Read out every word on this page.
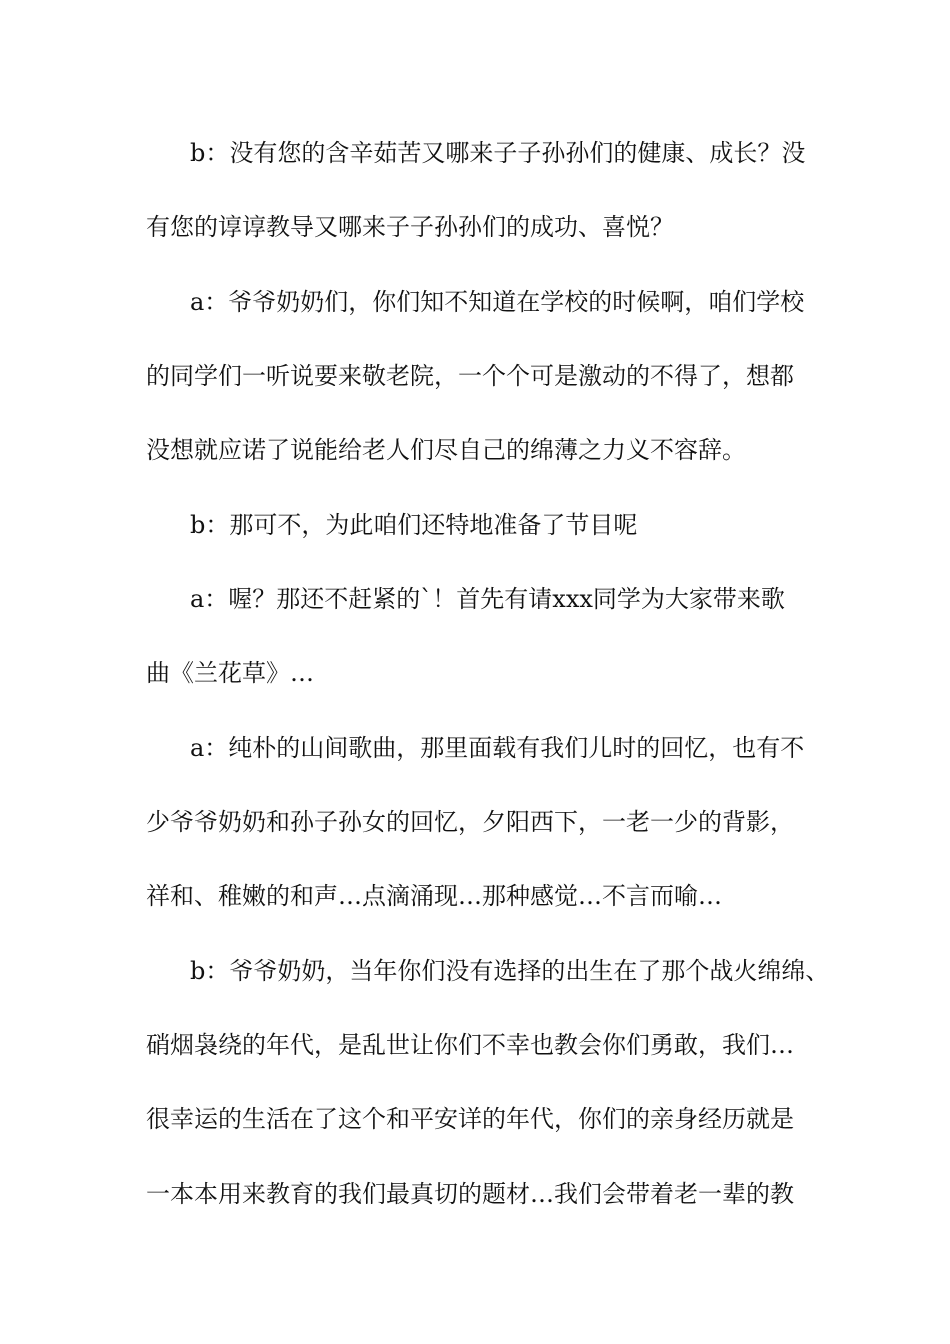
b：没有您的含辛茹苦又哪来子子孙孙们的健康、成长？没
有您的谆谆教导又哪来子子孙孙们的成功、喜悦？
a：爷爷奶奶们，你们知不知道在学校的时候啊，咱们学校
的同学们一听说要来敬老院，一个个可是激动的不得了，想都
没想就应诺了说能给老人们尽自己的绵薄之力义不容辞。
b：那可不，为此咱们还特地准备了节目呢
a：喔？那还不赶紧的`！首先有请xxx同学为大家带来歌
曲《兰花草》…
a：纯朴的山间歌曲，那里面载有我们儿时的回忆，也有不
少爷爷奶奶和孙子孙女的回忆，夕阳西下，一老一少的背影，
祥和、稚嫩的和声…点滴涌现…那种感觉…不言而喻…
b：爷爷奶奶，当年你们没有选择的出生在了那个战火绵绵、
硝烟袅绕的年代，是乱世让你们不幸也教会你们勇敢，我们…
很幸运的生活在了这个和平安详的年代，你们的亲身经历就是
一本本用来教育的我们最真切的题材…我们会带着老一辈的教
